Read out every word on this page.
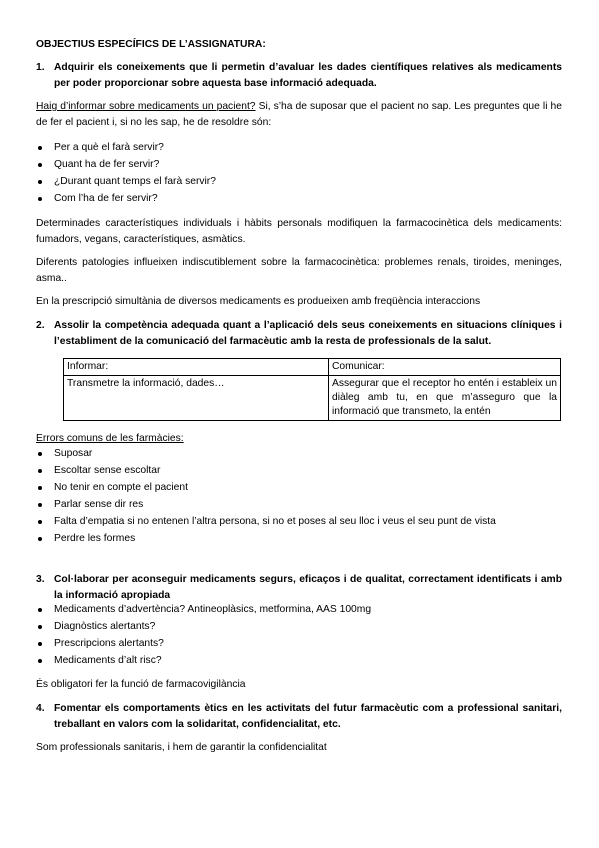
OBJECTIUS ESPECÍFICS DE L’ASSIGNATURA:
1. Adquirir els coneixements que li permetin d’avaluar les dades científiques relatives als medicaments per poder proporcionar sobre aquesta base informació adequada.

Haig d’informar sobre medicaments un pacient? Si, s’ha de suposar que el pacient no sap. Les preguntes que li he de fer el pacient i, si no les sap, he de resoldre són:

Per a què el farà servir?
Quant ha de fer servir?
¿Durant quant temps el farà servir?
Com l’ha de fer servir?

Determinades característiques individuals i hàbits personals modifiquen la farmacocinètica dels medicaments: fumadors, vegans, característiques, asmàtics.

Diferents patologies influeixen indiscutiblement sobre la farmacocinètica: problemes renals, tiroides, meninges, asma..

En la prescripció simultània de diversos medicaments es produeixen amb freqüència interaccions

2. Assolir la competència adequada quant a l’aplicació dels seus coneixements en situacions clíniques i l’establiment de la comunicació del farmacèutic amb la resta de professionals de la salut.
Informar:	Comunicar:
Transmetre la informació, dades…	Assegurar que el receptor ho entén i estableix un diàleg amb tu, en que m’asseguro que la informació que transmeto, la entén
Errors comuns de les farmàcies:
Suposar
Escoltar sense escoltar
No tenir en compte el pacient
Parlar sense dir res
Falta d’empatia si no entenen l’altra persona, si no et poses al seu lloc i veus el seu punt de vista
Perdre les formes
3. Col·laborar per aconseguir medicaments segurs, eficaços i de qualitat, correctament identificats i amb la informació apropiada
Medicaments d’advertència? Antineoplàsics, metformina, AAS 100mg
Diagnòstics alertants?
Prescripcions alertants?
Medicaments d’alt risc?

És obligatori fer la funció de farmacovigilància

4. Fomentar els comportaments ètics en les activitats del futur farmacèutic com a professional sanitari, treballant en valors com la solidaritat, confidencialitat, etc.

Som professionals sanitaris, i hem de garantir la confidencialitat
